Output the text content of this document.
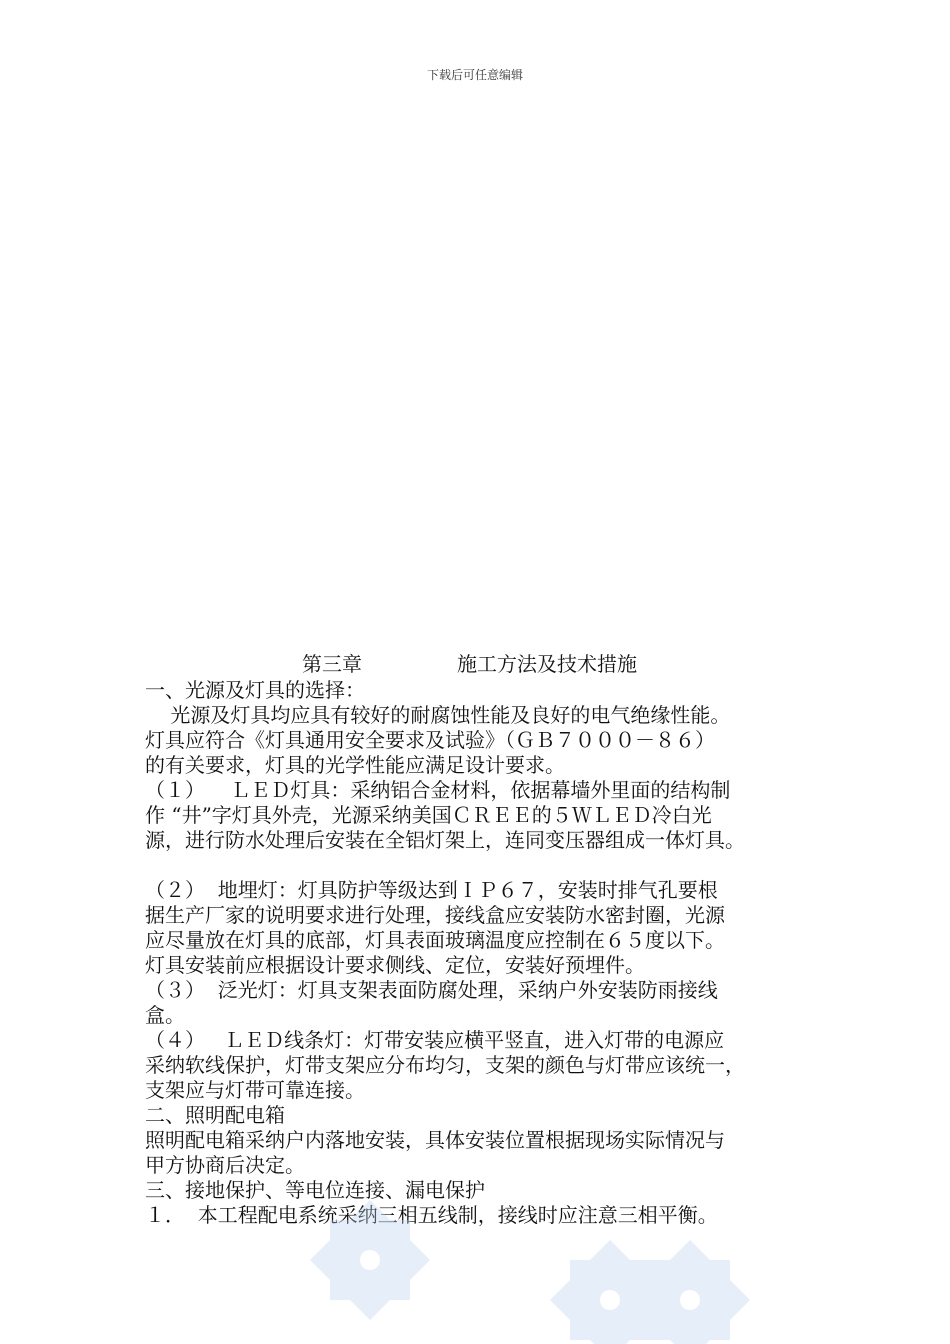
下载后可任意编辑
第三章	施工方法及技术措施
一、光源及灯具的选择：
光源及灯具均应具有较好的耐腐蚀性能及良好的电气绝缘性能。
灯具应符合《灯具通用安全要求及试验》（ＧＢ７０００－８６）
的有关要求，灯具的光学性能应满足设计要求。
（１）    ＬＥＤ灯具：采纳铝合金材料，依据幕墙外里面的结构制
作 “井”字灯具外壳，光源采纳美国ＣＲＥＥ的５ＷＬＥＤ冷白光
源，进行防水处理后安装在全铝灯架上，连同变压器组成一体灯具。
（２）  地埋灯：灯具防护等级达到ＩＰ６７，安装时排气孔要根
据生产厂家的说明要求进行处理，接线盒应安装防水密封圈，光源
应尽量放在灯具的底部，灯具表面玻璃温度应控制在６５度以下。
灯具安装前应根据设计要求侧线、定位，安装好预埋件。
（３）  泛光灯：灯具支架表面防腐处理，采纳户外安装防雨接线
盒。
（４）   ＬＥＤ线条灯：灯带安装应横平竖直，进入灯带的电源应
采纳软线保护，灯带支架应分布均匀，支架的颜色与灯带应该统一，
支架应与灯带可靠连接。
二、照明配电箱
照明配电箱采纳户内落地安装，具体安装位置根据现场实际情况与
甲方协商后决定。
三、接地保护、等电位连接、漏电保护
１．  本工程配电系统采纳三相五线制，接线时应注意三相平衡。
